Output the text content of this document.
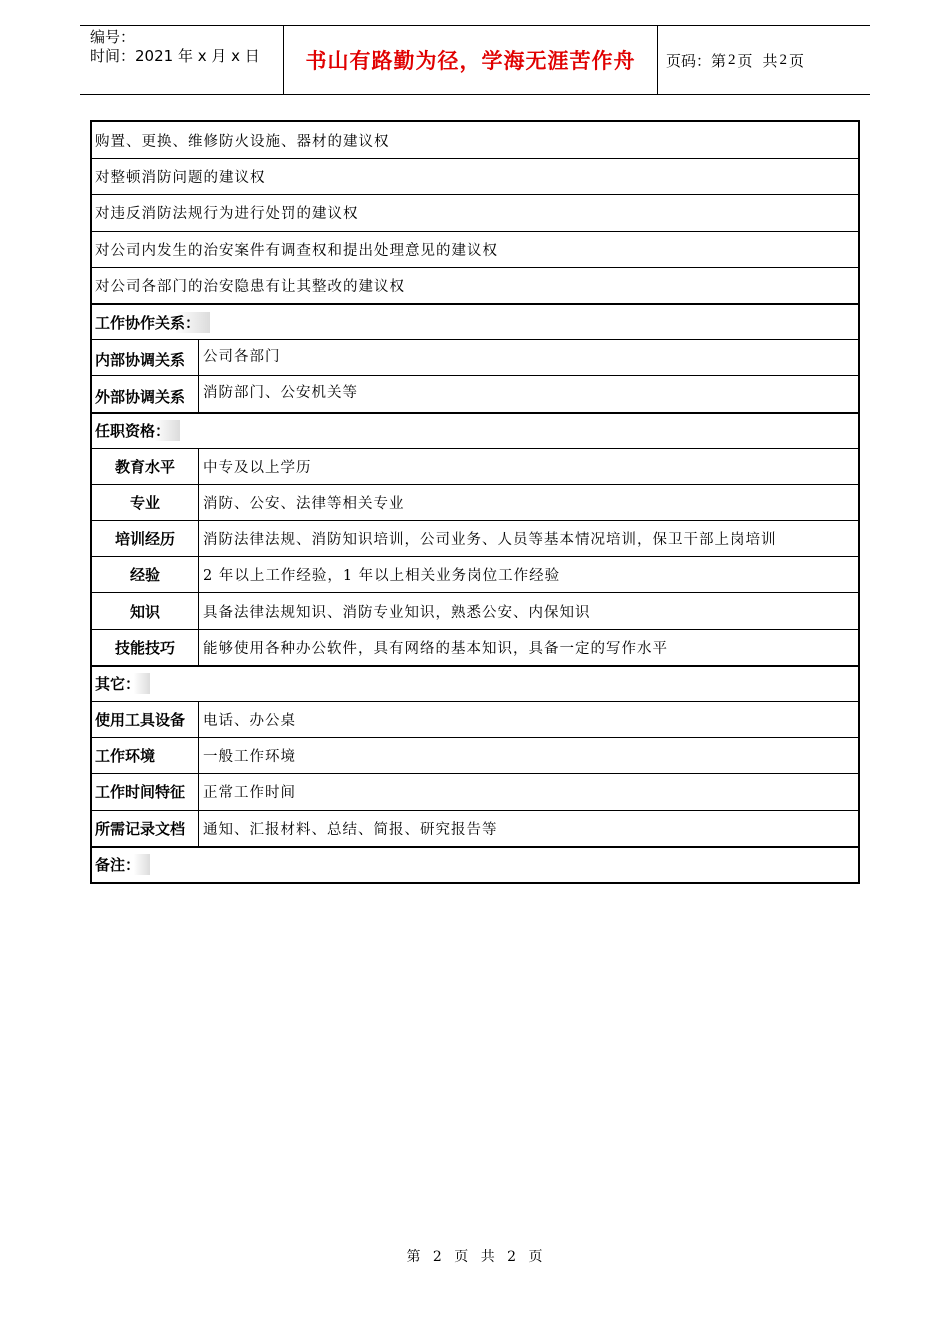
编号：
时间：2021 年 x 月 x 日	书山有路勤为径，学海无涯苦作舟	页码：第 2 页 共 2 页
购置、更换、维修防火设施、器材的建议权
对整顿消防问题的建议权
对违反消防法规行为进行处罚的建议权
对公司内发生的治安案件有调查权和提出处理意见的建议权
对公司各部门的治安隐患有让其整改的建议权
工作协作关系：
内部协调关系	公司各部门
外部协调关系	消防部门、公安机关等
任职资格：
教育水平	中专及以上学历
专业	消防、公安、法律等相关专业
培训经历	消防法律法规、消防知识培训，公司业务、人员等基本情况培训，保卫干部上岗培训
经验	2 年以上工作经验，1 年以上相关业务岗位工作经验
知识	具备法律法规知识、消防专业知识，熟悉公安、内保知识
技能技巧	能够使用各种办公软件，具有网络的基本知识，具备一定的写作水平
其它：
使用工具设备	电话、办公桌
工作环境	一般工作环境
工作时间特征	正常工作时间
所需记录文档	通知、汇报材料、总结、简报、研究报告等
备注：
第 2 页 共 2 页
